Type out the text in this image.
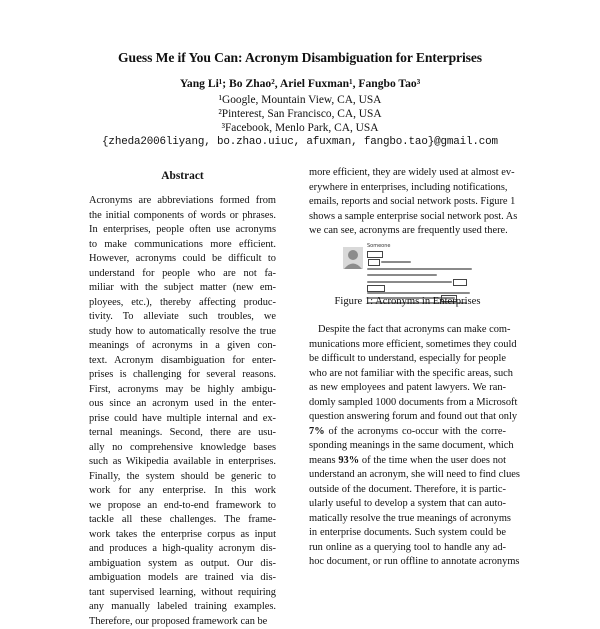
Guess Me if You Can: Acronym Disambiguation for Enterprises
Yang Li¹; Bo Zhao², Ariel Fuxman¹, Fangbo Tao³
¹Google, Mountain View, CA, USA
²Pinterest, San Francisco, CA, USA
³Facebook, Menlo Park, CA, USA
{zheda2006liyang, bo.zhao.uiuc, afuxman, fangbo.tao}@gmail.com
Abstract
Acronyms are abbreviations formed from
the initial components of words or phrases.
In enterprises, people often use acronyms
to make communications more efficient.
However, acronyms could be difficult to
understand for people who are not fa-
miliar with the subject matter (new em-
ployees, etc.), thereby affecting produc-
tivity. To alleviate such troubles, we
study how to automatically resolve the true
meanings of acronyms in a given con-
text. Acronym disambiguation for enter-
prises is challenging for several reasons.
First, acronyms may be highly ambigu-
ous since an acronym used in the enter-
prise could have multiple internal and ex-
ternal meanings. Second, there are usu-
ally no comprehensive knowledge bases
such as Wikipedia available in enterprises.
Finally, the system should be generic to
work for any enterprise. In this work
we propose an end-to-end framework to
tackle all these challenges. The frame-
work takes the enterprise corpus as input
and produces a high-quality acronym dis-
ambiguation system as output. Our dis-
ambiguation models are trained via dis-
tant supervised learning, without requiring
any manually labeled training examples.
Therefore, our proposed framework can be
more efficient, they are widely used at almost ev-
erywhere in enterprises, including notifications,
emails, reports and social network posts. Figure 1
shows a sample enterprise social network post. As
we can see, acronyms are frequently used there.
Someone
Figure 1: Acronyms in Enterprises
Despite the fact that acronyms can make com-
munications more efficient, sometimes they could
be difficult to understand, especially for people
who are not familiar with the specific areas, such
as new employees and patent lawyers. We ran-
domly sampled 1000 documents from a Microsoft
question answering forum and found out that only
7% of the acronyms co-occur with the corre-
sponding meanings in the same document, which
means 93% of the time when the user does not
understand an acronym, she will need to find clues
outside of the document. Therefore, it is partic-
ularly useful to develop a system that can auto-
matically resolve the true meanings of acronyms
in enterprise documents. Such system could be
run online as a querying tool to handle any ad-
hoc document, or run offline to annotate acronyms
